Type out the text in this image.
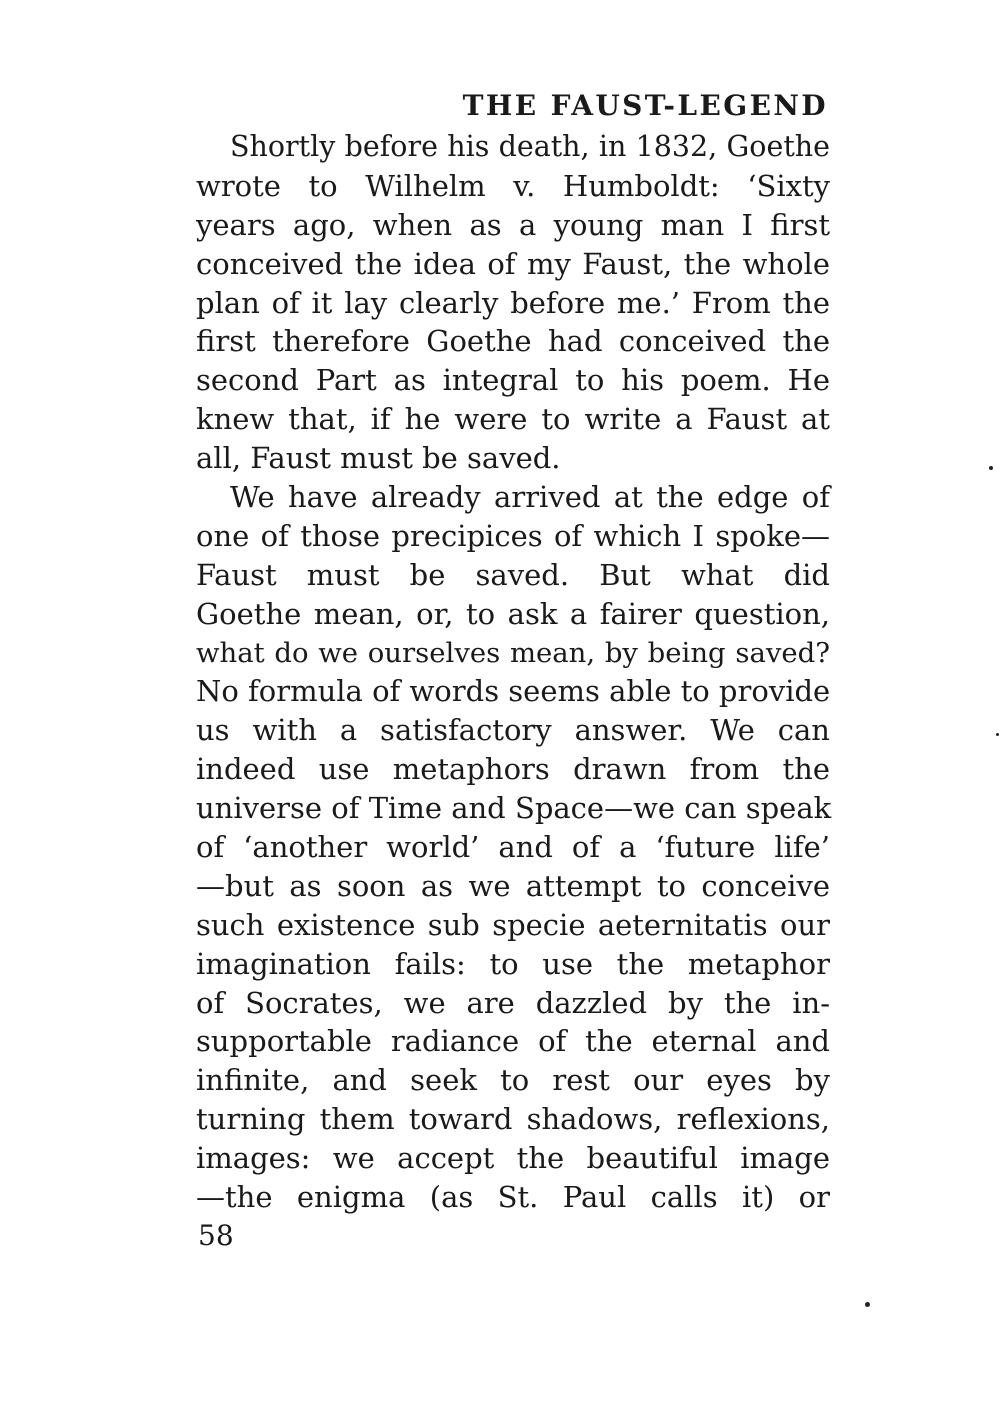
THE FAUST-LEGEND
Shortly before his death, in 1832, Goethe
wrote to Wilhelm v. Humboldt: ‘Sixty
years ago, when as a young man I first
conceived the idea of my Faust, the whole
plan of it lay clearly before me.’ From the
first therefore Goethe had conceived the
second Part as integral to his poem. He
knew that, if he were to write a Faust at
all, Faust must be saved.
We have already arrived at the edge of
one of those precipices of which I spoke—
Faust must be saved. But what did
Goethe mean, or, to ask a fairer question,
what do we ourselves mean, by being saved?
No formula of words seems able to provide
us with a satisfactory answer. We can
indeed use metaphors drawn from the
universe of Time and Space—we can speak
of ‘another world’ and of a ‘future life’
—but as soon as we attempt to conceive
such existence sub specie aeternitatis our
imagination fails: to use the metaphor
of Socrates, we are dazzled by the in-
supportable radiance of the eternal and
infinite, and seek to rest our eyes by
turning them toward shadows, reflexions,
images: we accept the beautiful image
—the enigma (as St. Paul calls it) or
58
